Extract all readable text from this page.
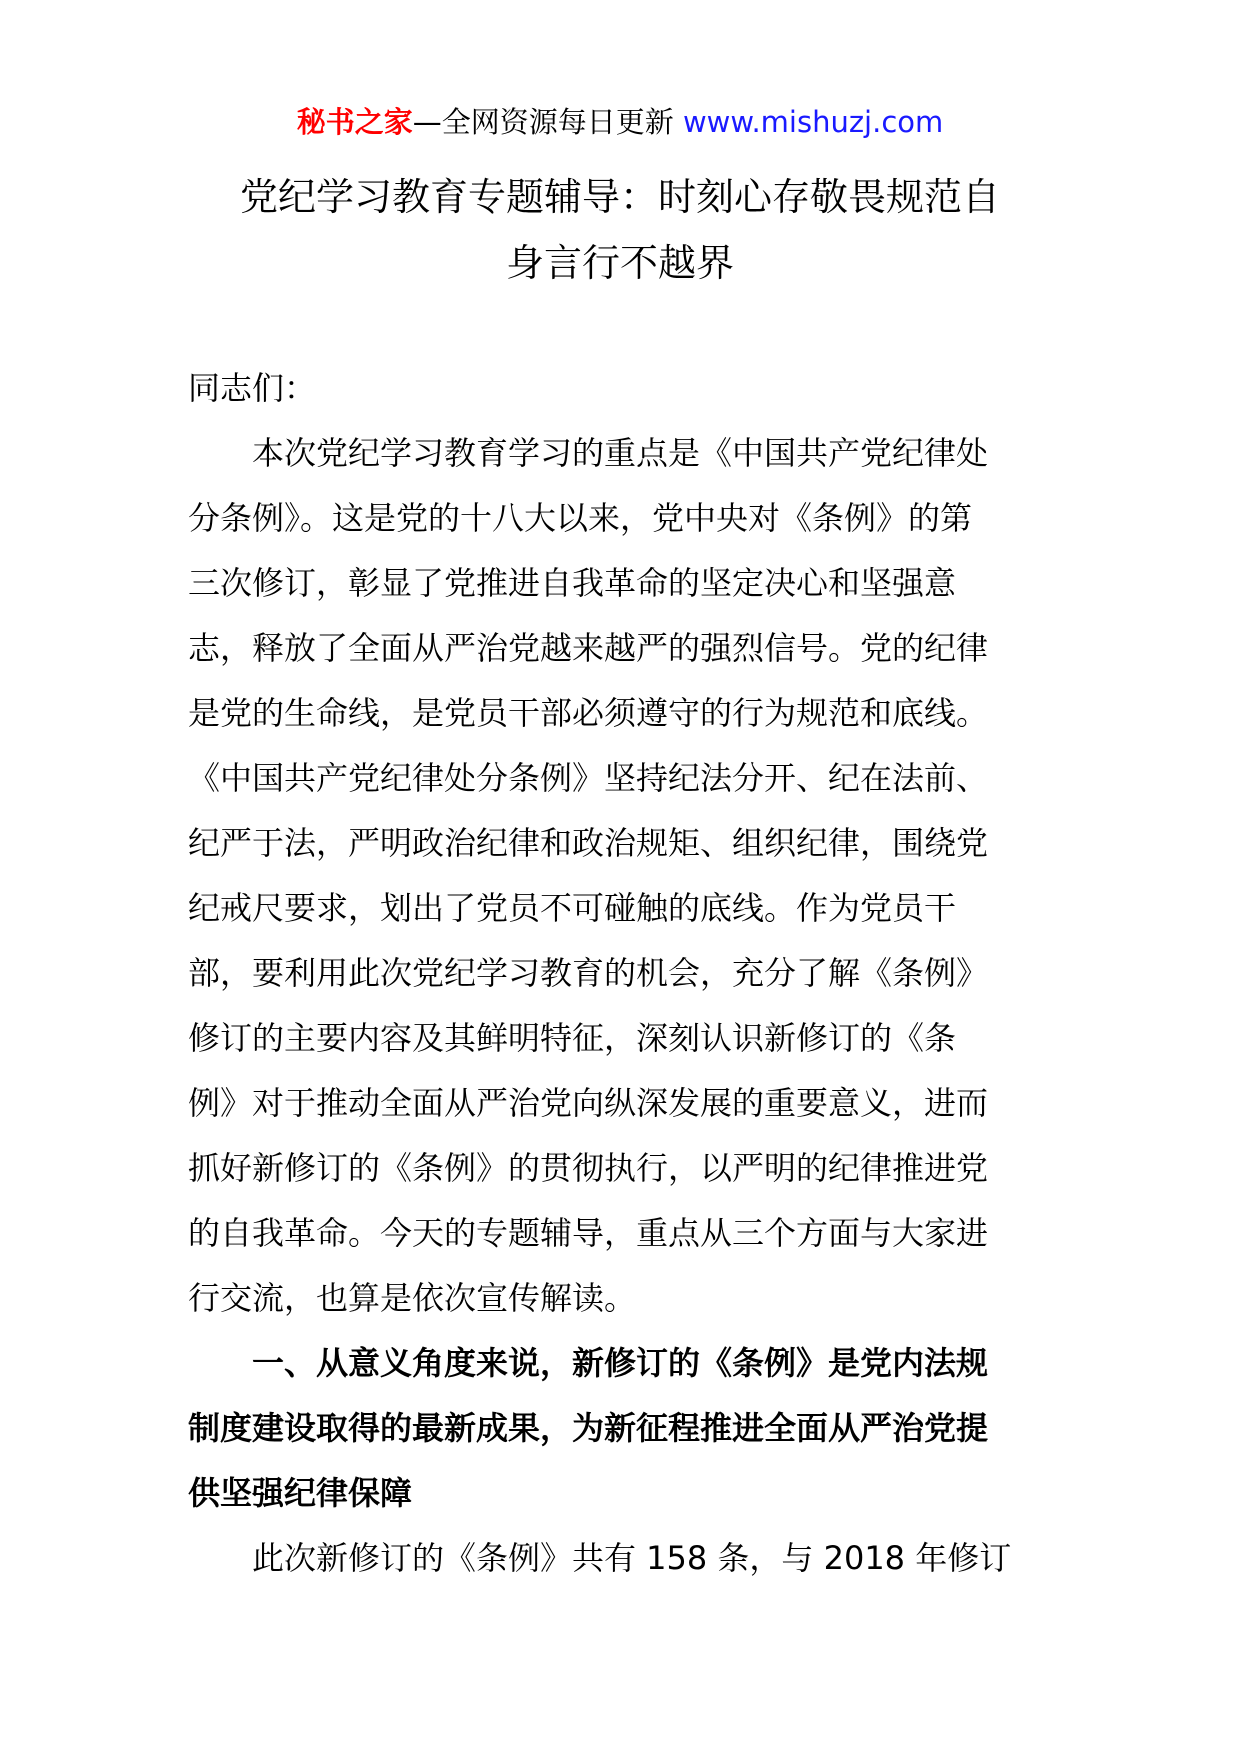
秘书之家—全网资源每日更新 www.mishuzj.com
党纪学习教育专题辅导：时刻心存敬畏规范自
身言行不越界
同志们：
本次党纪学习教育学习的重点是《中国共产党纪律处
分条例》。这是党的十八大以来，党中央对《条例》的第
三次修订，彰显了党推进自我革命的坚定决心和坚强意
志，释放了全面从严治党越来越严的强烈信号。党的纪律
是党的生命线，是党员干部必须遵守的行为规范和底线。
《中国共产党纪律处分条例》坚持纪法分开、纪在法前、
纪严于法，严明政治纪律和政治规矩、组织纪律，围绕党
纪戒尺要求，划出了党员不可碰触的底线。作为党员干
部，要利用此次党纪学习教育的机会，充分了解《条例》
修订的主要内容及其鲜明特征，深刻认识新修订的《条
例》对于推动全面从严治党向纵深发展的重要意义，进而
抓好新修订的《条例》的贯彻执行，以严明的纪律推进党
的自我革命。今天的专题辅导，重点从三个方面与大家进
行交流，也算是依次宣传解读。
一、从意义角度来说，新修订的《条例》是党内法规
制度建设取得的最新成果，为新征程推进全面从严治党提
供坚强纪律保障
此次新修订的《条例》共有 158 条，与 2018 年修订
